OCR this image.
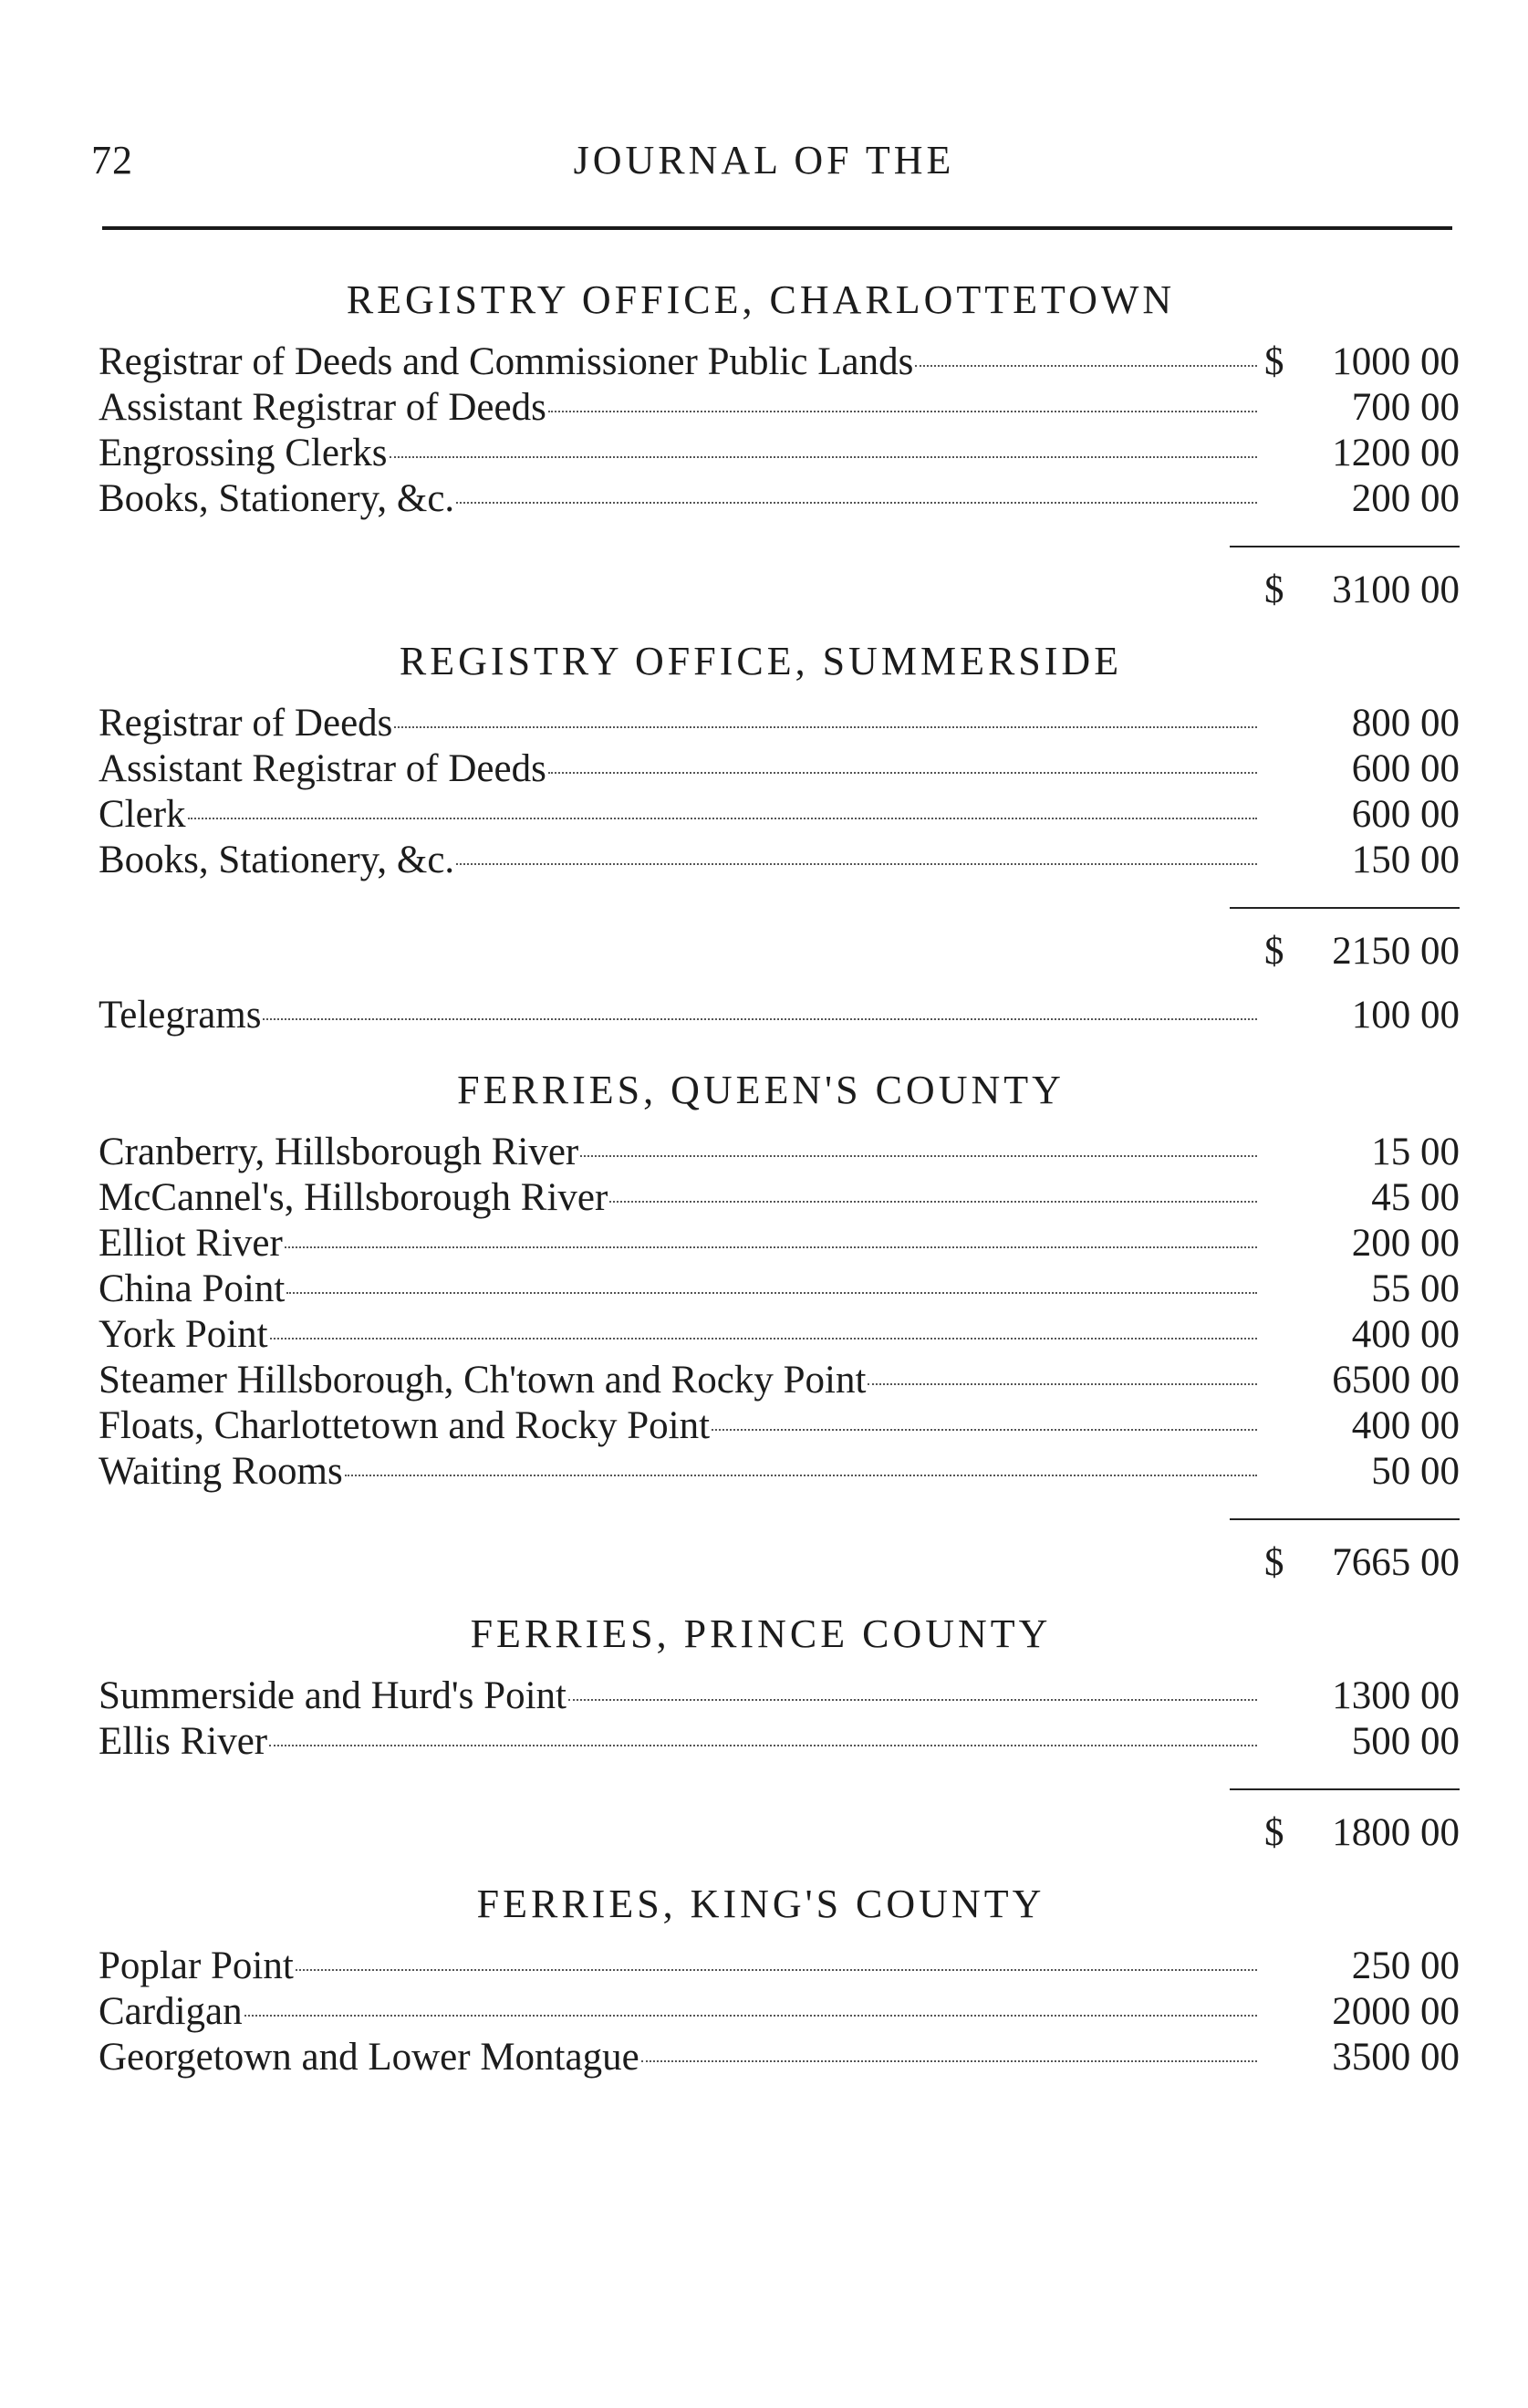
72	JOURNAL OF THE
REGISTRY OFFICE, CHARLOTTETOWN
Registrar of Deeds and Commissioner Public Lands	$	1000 00
Assistant Registrar of Deeds	700 00
Engrossing Clerks	1200 00
Books, Stationery, &c.	200 00
$	3100 00
REGISTRY OFFICE, SUMMERSIDE
Registrar of Deeds	800 00
Assistant Registrar of Deeds	600 00
Clerk	600 00
Books, Stationery, &c.	150 00
$	2150 00
Telegrams	100 00
FERRIES, QUEEN'S COUNTY
Cranberry, Hillsborough River	15 00
McCannel's, Hillsborough River	45 00
Elliot River	200 00
China Point	55 00
York Point	400 00
Steamer Hillsborough, Ch'town and Rocky Point	6500 00
Floats, Charlottetown and Rocky Point	400 00
Waiting Rooms	50 00
$	7665 00
FERRIES, PRINCE COUNTY
Summerside and Hurd's Point	1300 00
Ellis River	500 00
$	1800 00
FERRIES, KING'S COUNTY
Poplar Point	250 00
Cardigan	2000 00
Georgetown and Lower Montague	3500 00
